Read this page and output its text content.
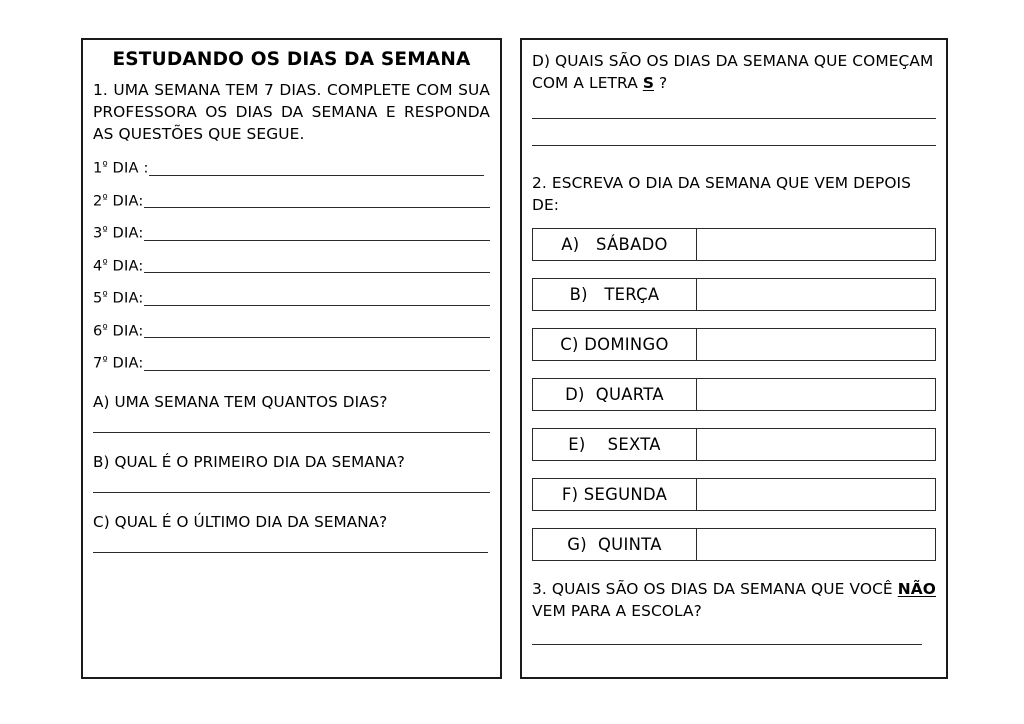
ESTUDANDO OS DIAS DA SEMANA

1. UMA SEMANA TEM 7 DIAS. COMPLETE COM SUA PROFESSORA OS DIAS DA SEMANA E RESPONDA AS QUESTÕES QUE SEGUE.

$1^º$ DIA :
$2^º$ DIA:
$3^º$ DIA:
$4^º$ DIA:
$5^º$ DIA:
$6^º$ DIA:
$7^º$ DIA:
A) UMA SEMANA TEM QUANTOS DIAS?
B) QUAL É O PRIMEIRO DIA DA SEMANA?
C) QUAL É O ÚLTIMO DIA DA SEMANA?

D) QUAIS SÃO OS DIAS DA SEMANA QUE COMEÇAM COM A LETRA S ?

2. ESCREVA O DIA DA SEMANA QUE VEM DEPOIS DE:

A)   SÁBADO
B)   TERÇA
C) DOMINGO
D)  QUARTA
E)    SEXTA
F) SEGUNDA
G)  QUINTA

3. QUAIS SÃO OS DIAS DA SEMANA QUE VOCÊ NÃO VEM PARA A ESCOLA?
